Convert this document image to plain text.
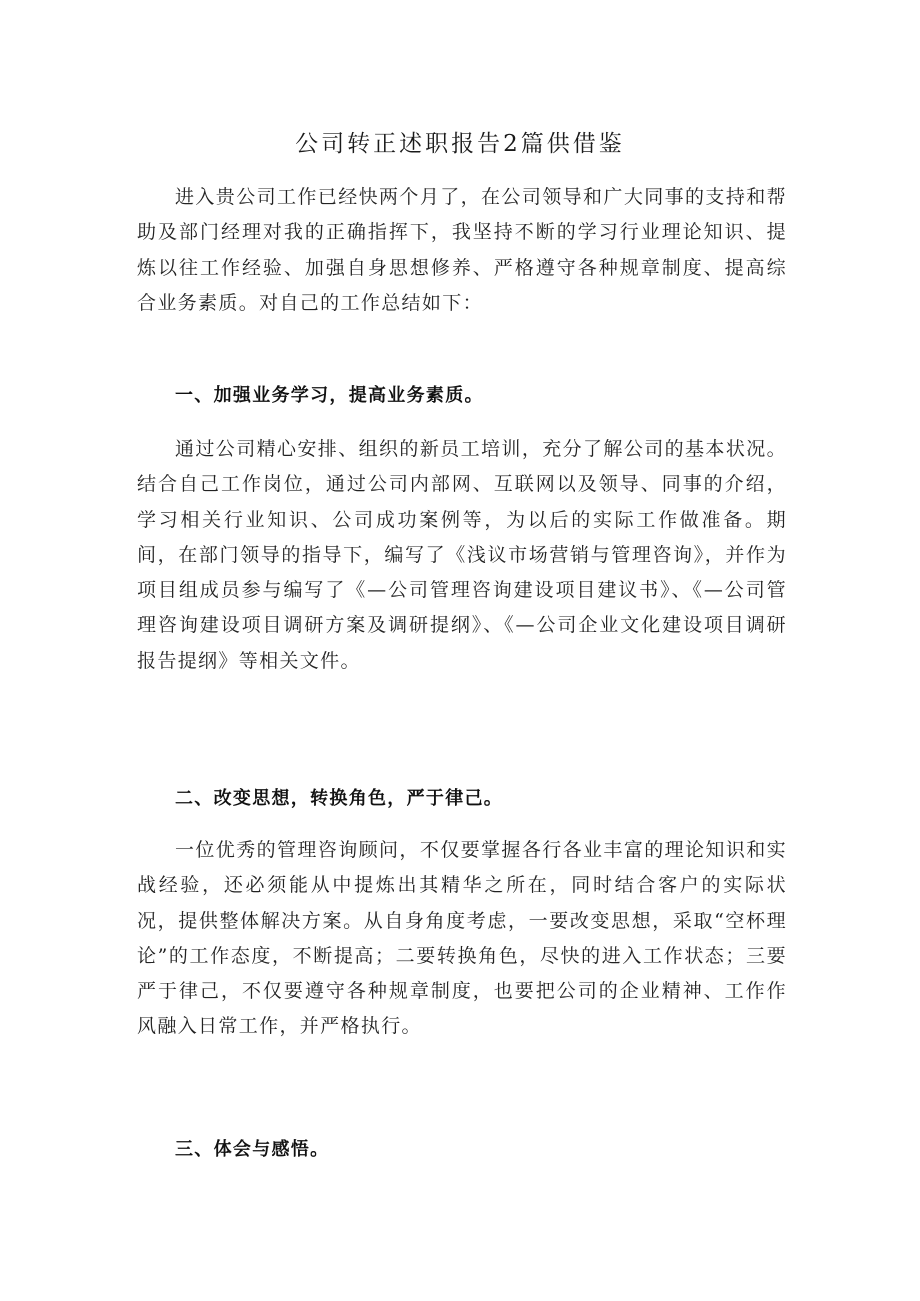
公司转正述职报告2篇供借鉴

进入贵公司工作已经快两个月了，在公司领导和广大同事的支持和帮助及部门经理对我的正确指挥下，我坚持不断的学习行业理论知识、提炼以往工作经验、加强自身思想修养、严格遵守各种规章制度、提高综合业务素质。对自己的工作总结如下：

一、加强业务学习，提高业务素质。

通过公司精心安排、组织的新员工培训，充分了解公司的基本状况。结合自己工作岗位，通过公司内部网、互联网以及领导、同事的介绍，学习相关行业知识、公司成功案例等，为以后的实际工作做准备。期间，在部门领导的指导下，编写了《浅议市场营销与管理咨询》，并作为项目组成员参与编写了《—公司管理咨询建设项目建议书》、《—公司管理咨询建设项目调研方案及调研提纲》、《—公司企业文化建设项目调研报告提纲》等相关文件。

二、改变思想，转换角色，严于律己。

一位优秀的管理咨询顾问，不仅要掌握各行各业丰富的理论知识和实战经验，还必须能从中提炼出其精华之所在，同时结合客户的实际状况，提供整体解决方案。从自身角度考虑，一要改变思想，采取“空杯理论”的工作态度，不断提高；二要转换角色，尽快的进入工作状态；三要严于律己，不仅要遵守各种规章制度，也要把公司的企业精神、工作作风融入日常工作，并严格执行。

三、体会与感悟。
